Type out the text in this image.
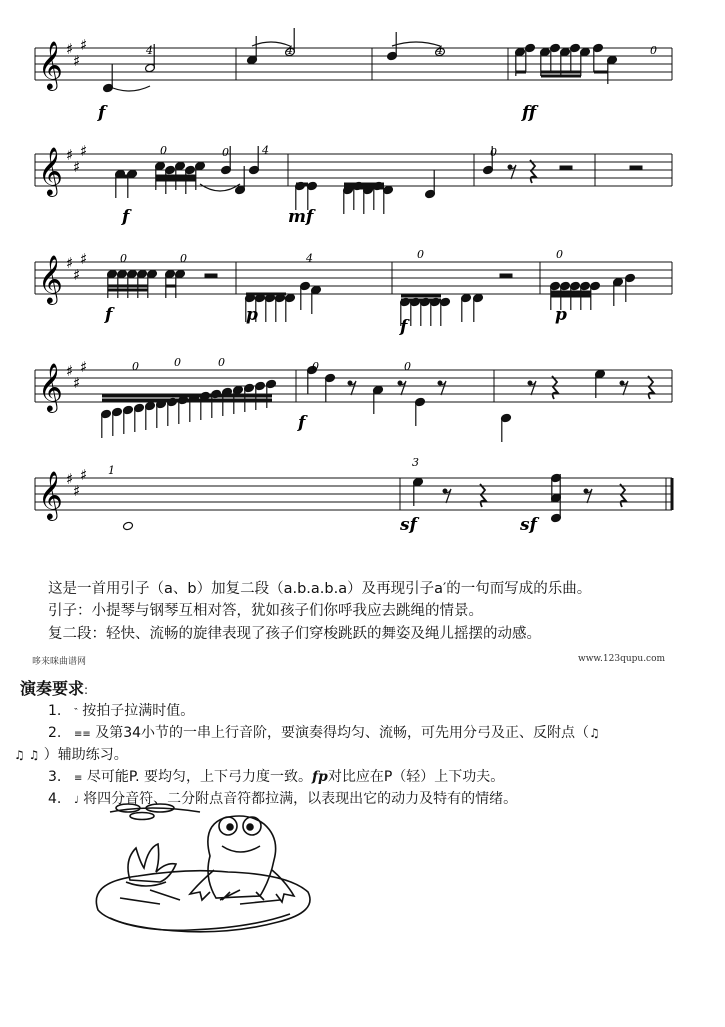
𝄞 ♯
♯
♯
𝄞 ♯
♯
♯
𝄞 ♯
♯
♯
𝄞 ♯
♯
♯
𝄞 ♯
♯
♯
f	ff
f	mf
f	p
f
p
f
sf	sf
4	4	4	0
0	0	4	0
0	0	4	0	0
0	0	0	0	0
1
3
这是一首用引子（a、b）加复二段（a.b.a.b.a）及再现引子a′的一句而写成的乐曲。
引子：小提琴与钢琴互相对答，犹如孩子们你呼我应去跳绳的情景。
复二段：轻快、流畅的旋律表现了孩子们穿梭跳跃的舞姿及绳儿摇摆的动感。
哆来咪曲谱网	www.123qupu.com
演奏要求:
1. ‶ 按拍子拉满时值。
2. ≡≡ 及第34小节的一串上行音阶，要演奏得均匀、流畅，可先用分弓及正、反附点（♫
♫ ♫ ）辅助练习。
3. ≡ 尽可能P. 要均匀，上下弓力度一致。fp对比应在P（轻）上下功夫。
4. ♩ 将四分音符、二分附点音符都拉满，以表现出它的动力及特有的情绪。
